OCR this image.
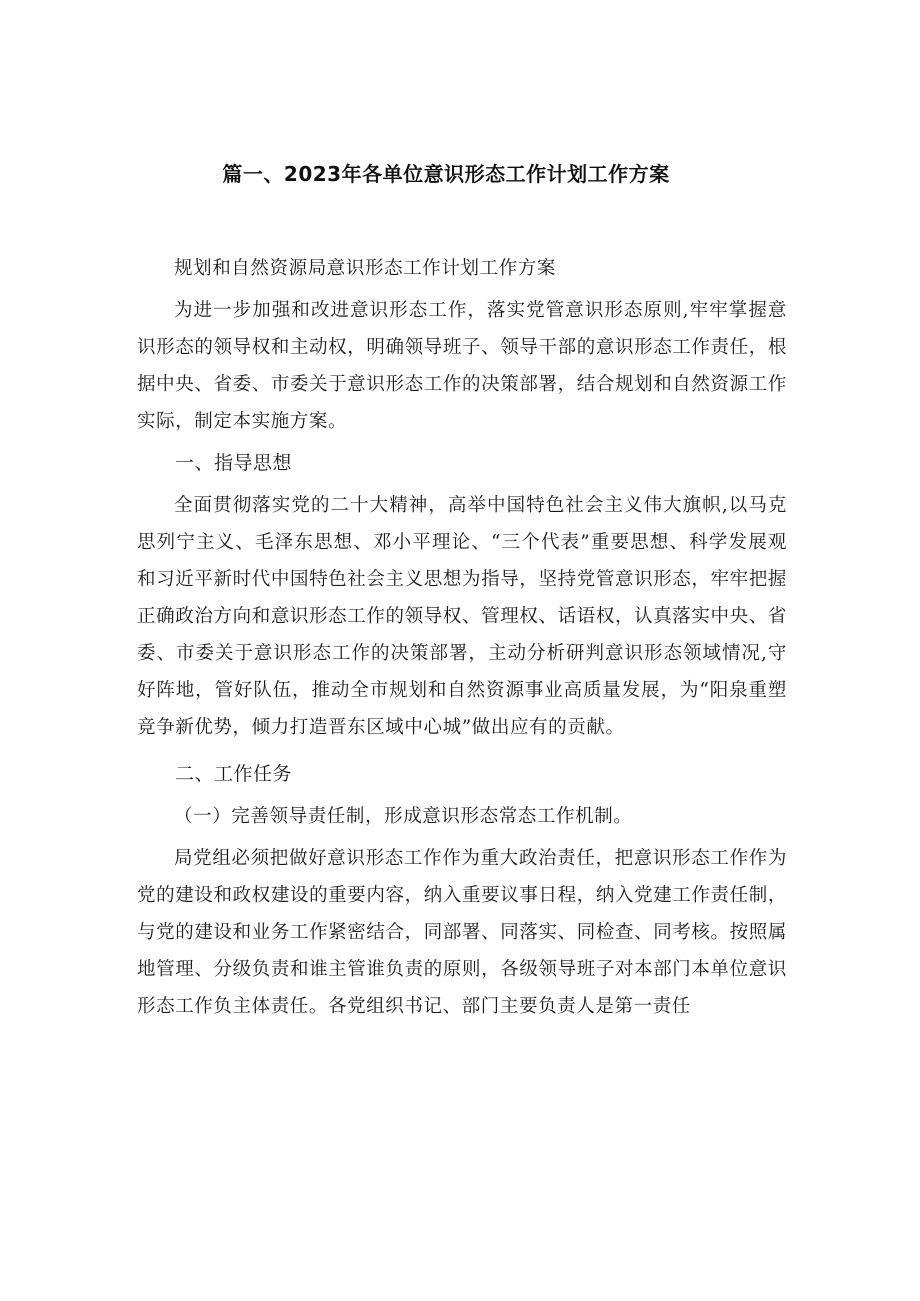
篇一、2023年各单位意识形态工作计划工作方案

规划和自然资源局意识形态工作计划工作方案

为进一步加强和改进意识形态工作，落实党管意识形态原则,牢牢掌握意识形态的领导权和主动权，明确领导班子、领导干部的意识形态工作责任，根据中央、省委、市委关于意识形态工作的决策部署，结合规划和自然资源工作实际，制定本实施方案。

一、指导思想

全面贯彻落实党的二十大精神，高举中国特色社会主义伟大旗帜,以马克思列宁主义、毛泽东思想、邓小平理论、“三个代表”重要思想、科学发展观和习近平新时代中国特色社会主义思想为指导，坚持党管意识形态，牢牢把握正确政治方向和意识形态工作的领导权、管理权、话语权，认真落实中央、省委、市委关于意识形态工作的决策部署，主动分析研判意识形态领域情况,守好阵地，管好队伍，推动全市规划和自然资源事业高质量发展，为“阳泉重塑竞争新优势，倾力打造晋东区域中心城”做出应有的贡献。

二、工作任务

（一）完善领导责任制，形成意识形态常态工作机制。

局党组必须把做好意识形态工作作为重大政治责任，把意识形态工作作为党的建设和政权建设的重要内容，纳入重要议事日程，纳入党建工作责任制，与党的建设和业务工作紧密结合，同部署、同落实、同检查、同考核。按照属地管理、分级负责和谁主管谁负责的原则，各级领导班子对本部门本单位意识形态工作负主体责任。各党组织书记、部门主要负责人是第一责任
